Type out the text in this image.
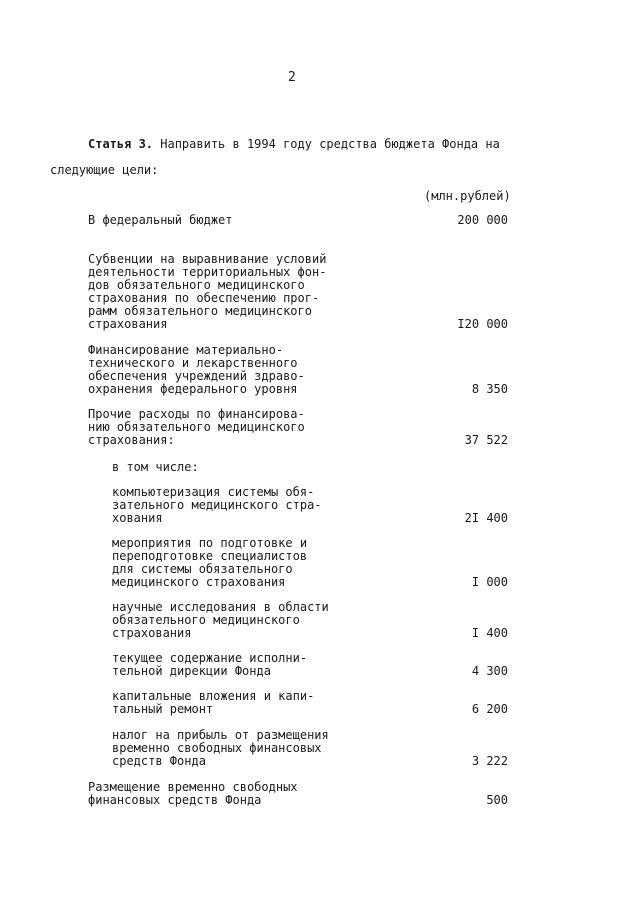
2
Статья 3. Направить в 1994 году средства бюджета Фонда на
следующие цели:
(млн.рублей)
В федеральный бюджет	200 000
Субвенции на выравнивание условий
деятельности территориальных фон-
дов обязательного медицинского
страхования по обеспечению прог-
рамм обязательного медицинского
страхования	I20 000
Финансирование материально-
технического и лекарственного
обеспечения учреждений здраво-
охранения федерального уровня	8 350
Прочие расходы по финансирова-
нию обязательного медицинского
страхования:	37 522
в том числе:
компьютеризация системы обя-
зательного медицинского стра-
хования	2I 400
мероприятия по подготовке и
переподготовке специалистов
для системы обязательного
медицинского страхования	I 000
научные исследования в области
обязательного медицинского
страхования	I 400
текущее содержание исполни-
тельной дирекции Фонда	4 300
капитальные вложения и капи-
тальный ремонт	6 200
налог на прибыль от размещения
временно свободных финансовых
средств Фонда	3 222
Размещение временно свободных
финансовых средств Фонда	500
